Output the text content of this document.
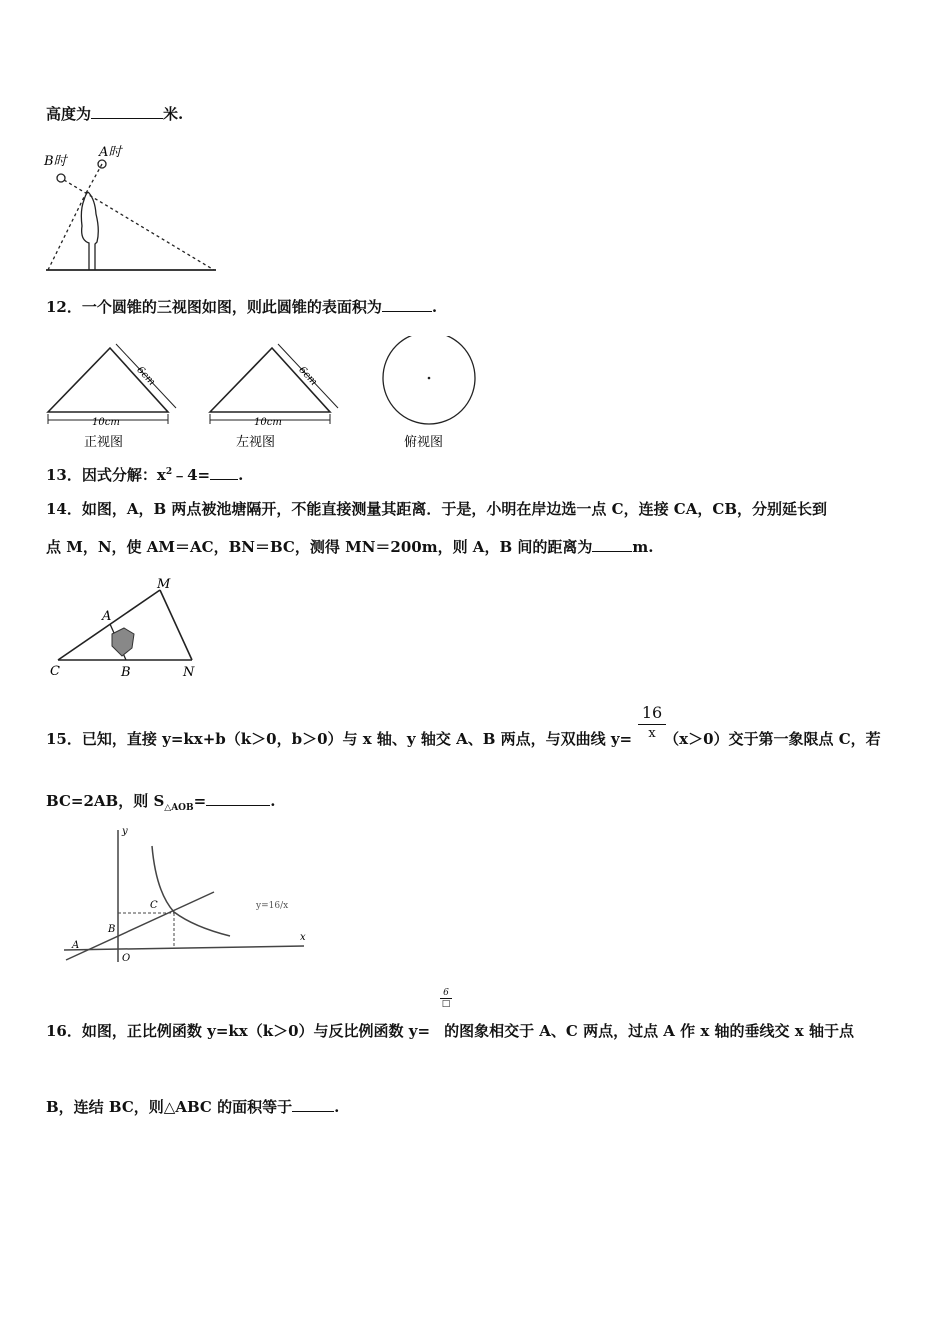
高度为	米.
B时
A时
12．一个圆锥的三视图如图，则此圆锥的表面积为	.
10cm
6cm
正视图
10cm
6cm
左视图	俯视图
13．因式分解：$x^2﹣4=$ .
14．如图，A，B 两点被池塘隔开，不能直接测量其距离．于是，小明在岸边选一点 C，连接 CA，CB，分别延长到
点 M，N，使 AM＝AC，BN＝BC，测得 MN＝200m，则 A，B 间的距离为	m.
M
A
C	B	N
15．已知，直接 y=kx+b（k＞0，b＞0）与 x 轴、y 轴交 A、B 两点，与双曲线 y= （x＞0）交于第一象限点 C，若
16
x
BC=2AB，则 $S_{\triangle AOB}=$	.
y
x
C
B
A
O
y=16/x
16．如图，正比例函数 y=kx（k＞0）与反比例函数 y= 的图象相交于 A、C 两点，过点 A 作 x 轴的垂线交 x 轴于点
6
□
B，连结 BC，则△ABC 的面积等于	.
